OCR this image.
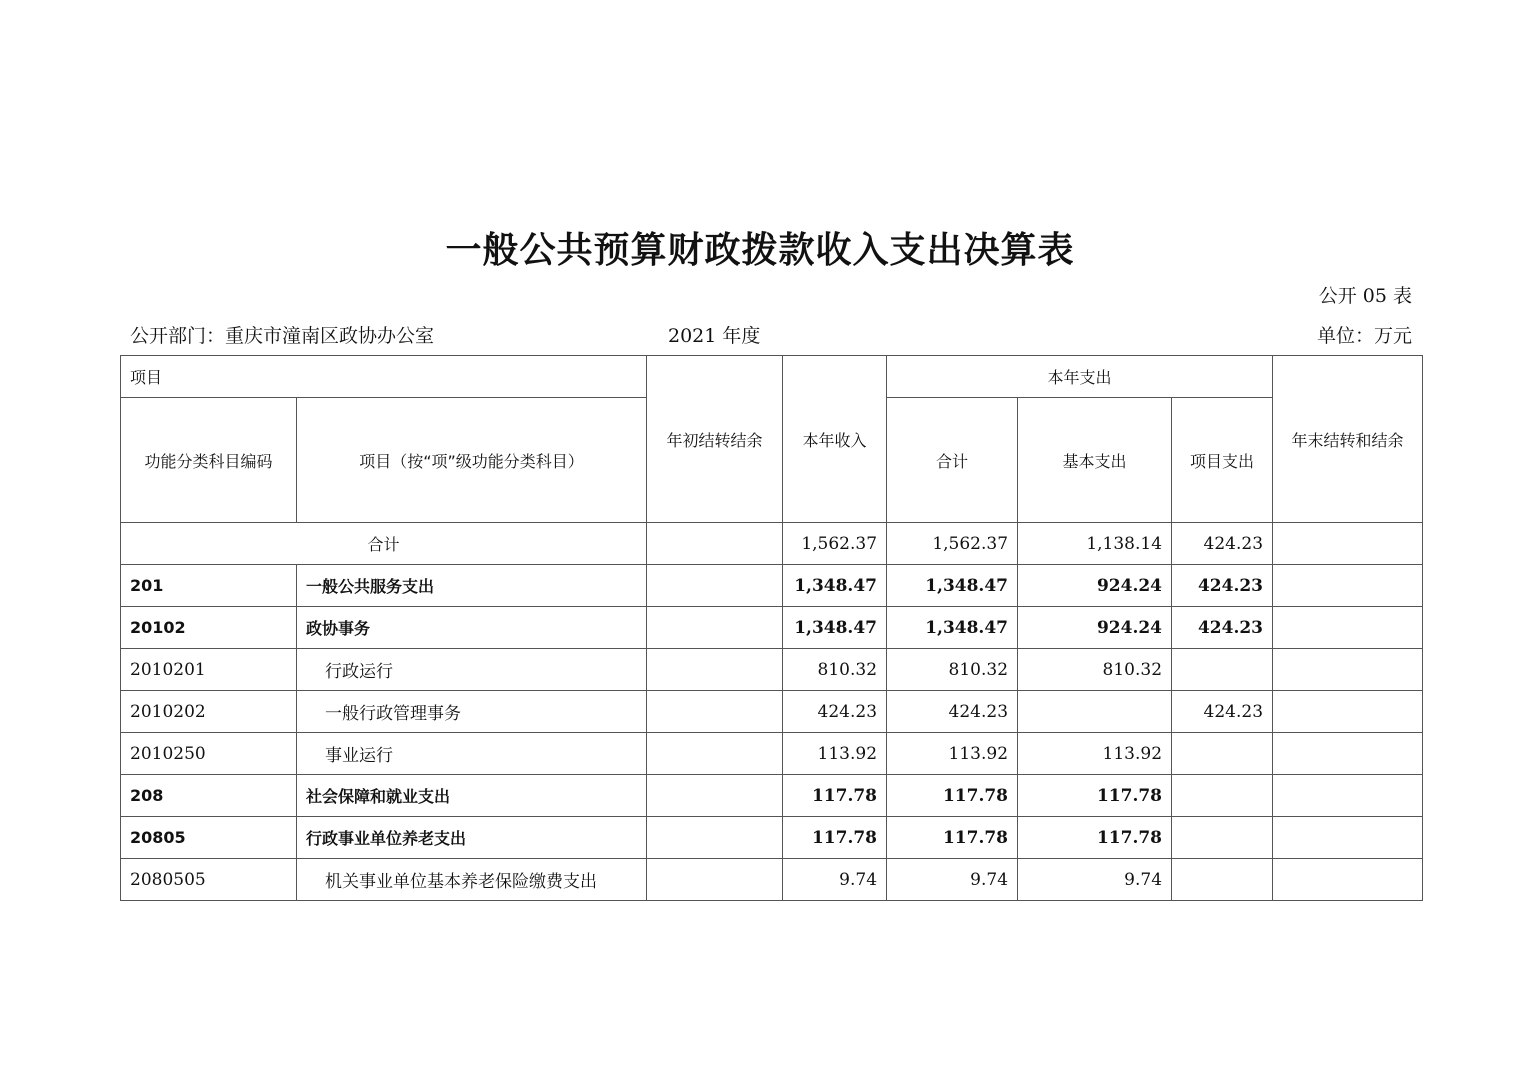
一般公共预算财政拨款收入支出决算表
公开 05 表
公开部门：重庆市潼南区政协办公室	2021 年度	单位：万元
项目		年初结转结余	本年收入	本年支出			年末结转和结余
功能分类科目编码	项目（按“项”级功能分类科目）			合计	基本支出	项目支出	
合计			1,562.37	1,562.37	1,138.14	424.23	
201	一般公共服务支出		1,348.47	1,348.47	924.24	424.23	
20102	政协事务		1,348.47	1,348.47	924.24	424.23	
2010201	行政运行		810.32	810.32	810.32		
2010202	一般行政管理事务		424.23	424.23		424.23	
2010250	事业运行		113.92	113.92	113.92		
208	社会保障和就业支出		117.78	117.78	117.78		
20805	行政事业单位养老支出		117.78	117.78	117.78		
2080505	机关事业单位基本养老保险缴费支出		9.74	9.74	9.74		
